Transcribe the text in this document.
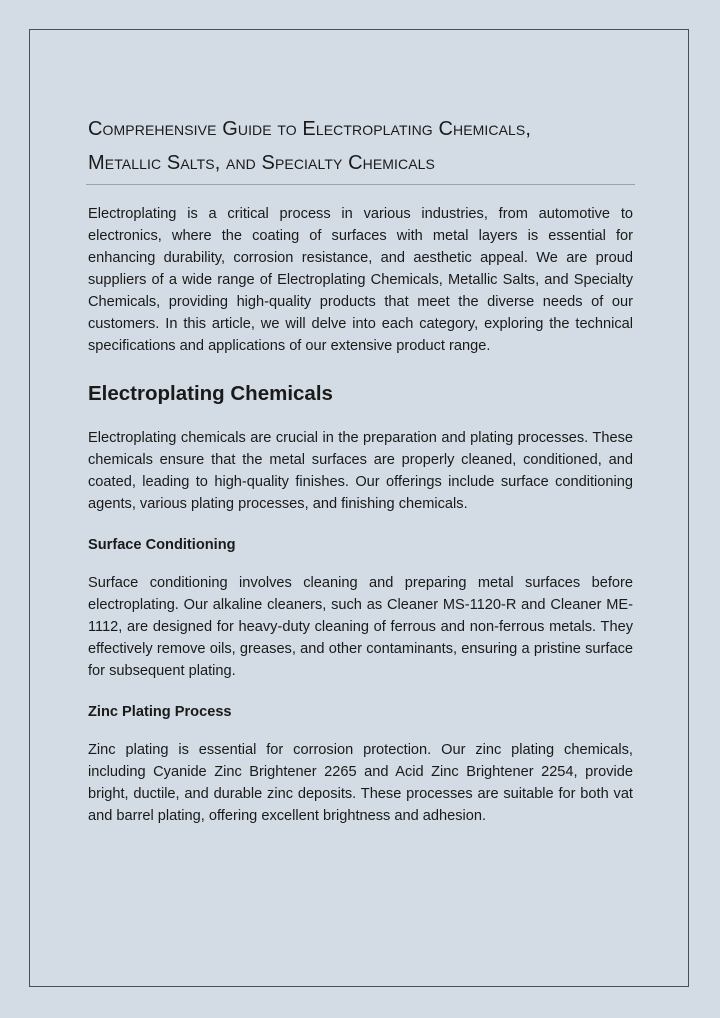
Comprehensive Guide to Electroplating Chemicals,
Metallic Salts, and Specialty Chemicals

Electroplating is a critical process in various industries, from automotive to electronics, where the coating of surfaces with metal layers is essential for enhancing durability, corrosion resistance, and aesthetic appeal. We are proud suppliers of a wide range of Electroplating Chemicals, Metallic Salts, and Specialty Chemicals, providing high-quality products that meet the diverse needs of our customers. In this article, we will delve into each category, exploring the technical specifications and applications of our extensive product range.

Electroplating Chemicals

Electroplating chemicals are crucial in the preparation and plating processes. These chemicals ensure that the metal surfaces are properly cleaned, conditioned, and coated, leading to high-quality finishes. Our offerings include surface conditioning agents, various plating processes, and finishing chemicals.

Surface Conditioning

Surface conditioning involves cleaning and preparing metal surfaces before electroplating. Our alkaline cleaners, such as Cleaner MS-1120-R and Cleaner ME-1112, are designed for heavy-duty cleaning of ferrous and non-ferrous metals. They effectively remove oils, greases, and other contaminants, ensuring a pristine surface for subsequent plating.

Zinc Plating Process

Zinc plating is essential for corrosion protection. Our zinc plating chemicals, including Cyanide Zinc Brightener 2265 and Acid Zinc Brightener 2254, provide bright, ductile, and durable zinc deposits. These processes are suitable for both vat and barrel plating, offering excellent brightness and adhesion.
